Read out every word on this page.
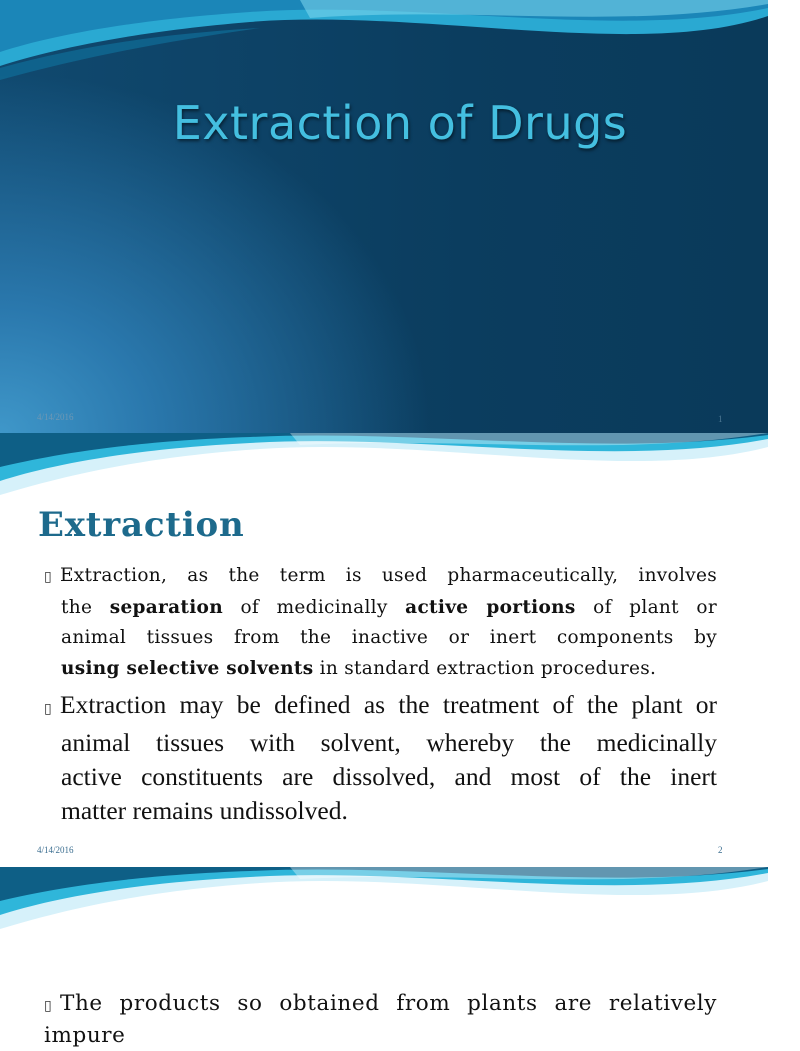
Extraction of Drugs
4/14/2016	1
Extraction
▯ Extraction, as the term is used pharmaceutically, involves
the separation of medicinally active portions of plant or
animal tissues from the inactive or inert components by
using selective solvents in standard extraction procedures.
▯ Extraction may be defined as the treatment of the plant or
animal tissues with solvent, whereby the medicinally
active constituents are dissolved, and most of the inert
matter remains undissolved.
4/14/2016	2
▯ The products so obtained from plants are relatively impure
